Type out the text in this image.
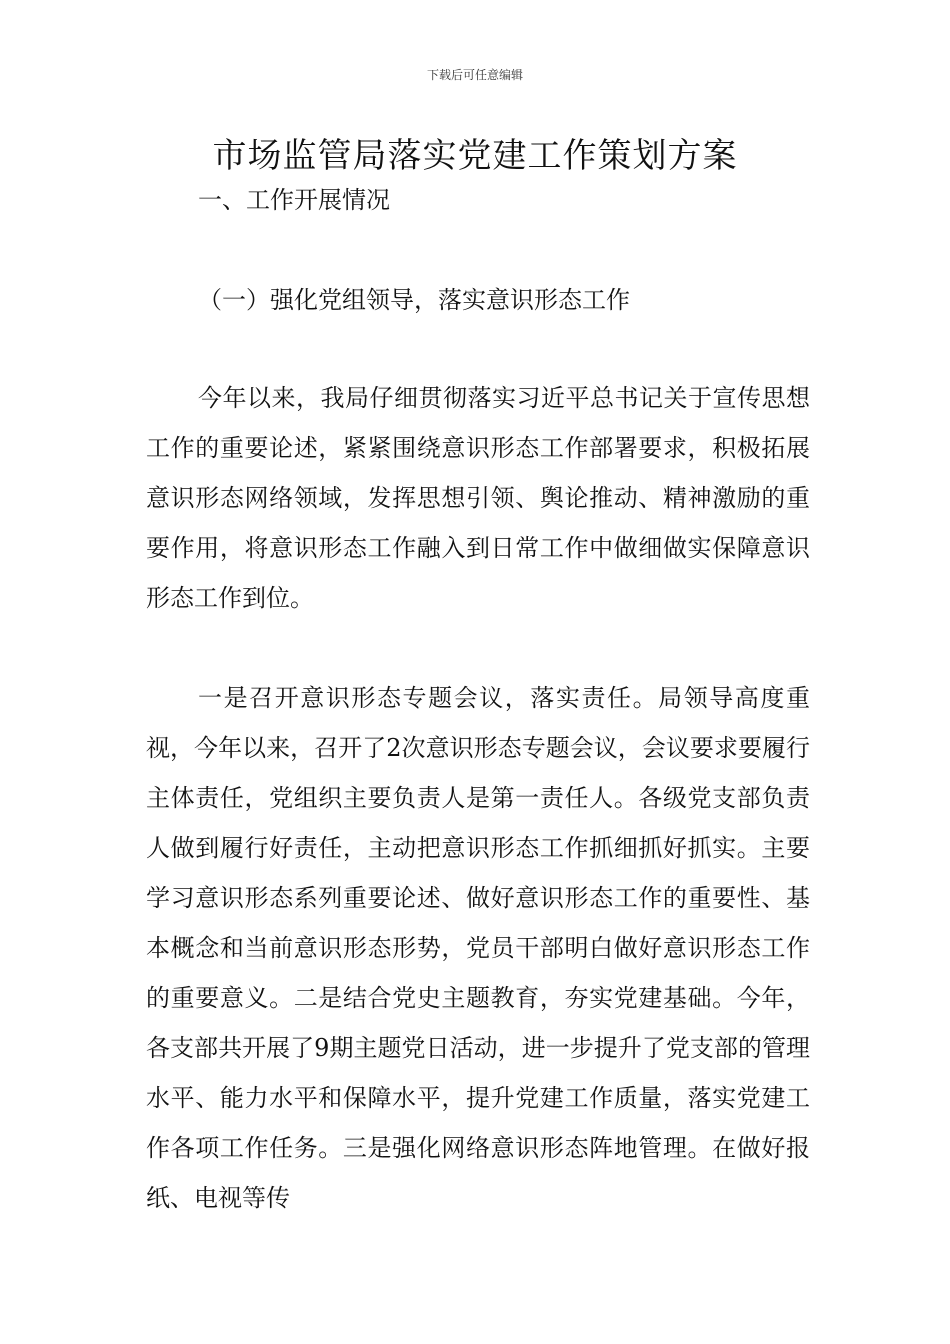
下载后可任意编辑
市场监管局落实党建工作策划方案
一、工作开展情况
（一）强化党组领导，落实意识形态工作

今年以来，我局仔细贯彻落实习近平总书记关于宣传思想工作的重要论述，紧紧围绕意识形态工作部署要求，积极拓展意识形态网络领域，发挥思想引领、舆论推动、精神激励的重要作用，将意识形态工作融入到日常工作中做细做实保障意识形态工作到位。

一是召开意识形态专题会议，落实责任。局领导高度重视，今年以来，召开了2次意识形态专题会议，会议要求要履行主体责任，党组织主要负责人是第一责任人。各级党支部负责人做到履行好责任，主动把意识形态工作抓细抓好抓实。主要学习意识形态系列重要论述、做好意识形态工作的重要性、基本概念和当前意识形态形势，党员干部明白做好意识形态工作的重要意义。二是结合党史主题教育，夯实党建基础。今年，各支部共开展了9期主题党日活动，进一步提升了党支部的管理水平、能力水平和保障水平，提升党建工作质量，落实党建工作各项工作任务。三是强化网络意识形态阵地管理。在做好报纸、电视等传
